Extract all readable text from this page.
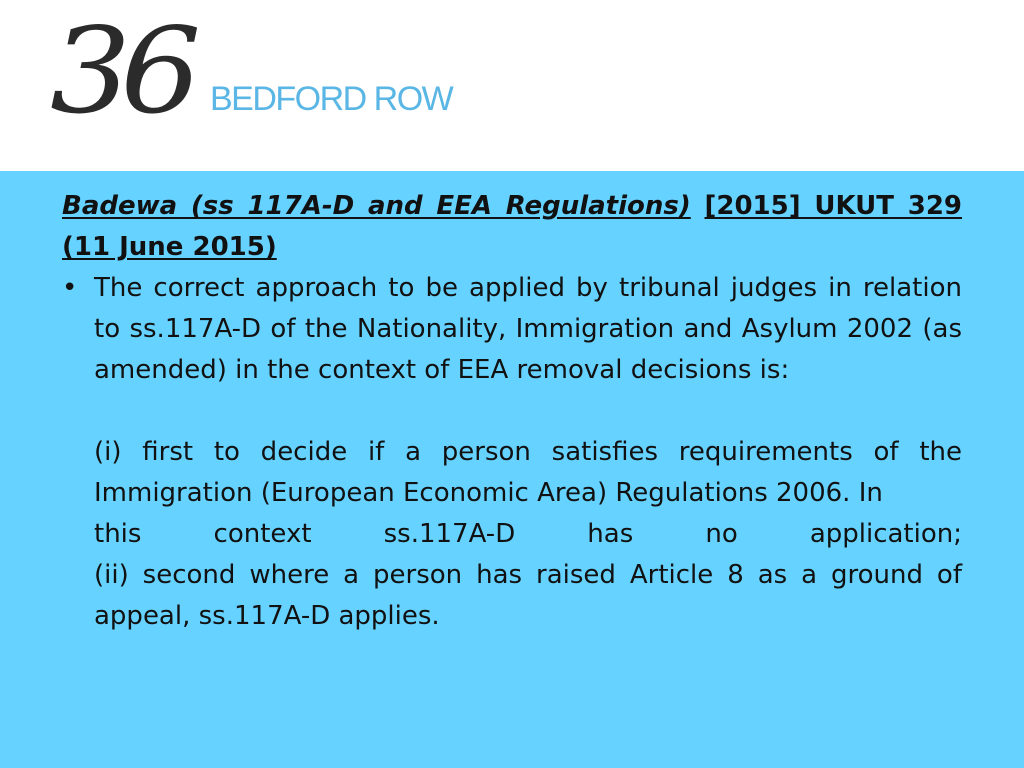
36 BEDFORD ROW

Badewa (ss 117A-D and EEA Regulations) [2015] UKUT 329 (11 June 2015)

• The correct approach to be applied by tribunal judges in relation to ss.117A-D of the Nationality, Immigration and Asylum 2002 (as amended) in the context of EEA removal decisions is:

(i) first to decide if a person satisfies requirements of the Immigration (European Economic Area) Regulations 2006. In

this context ss.117A-D has no application;

(ii) second where a person has raised Article 8 as a ground of appeal, ss.117A-D applies.
